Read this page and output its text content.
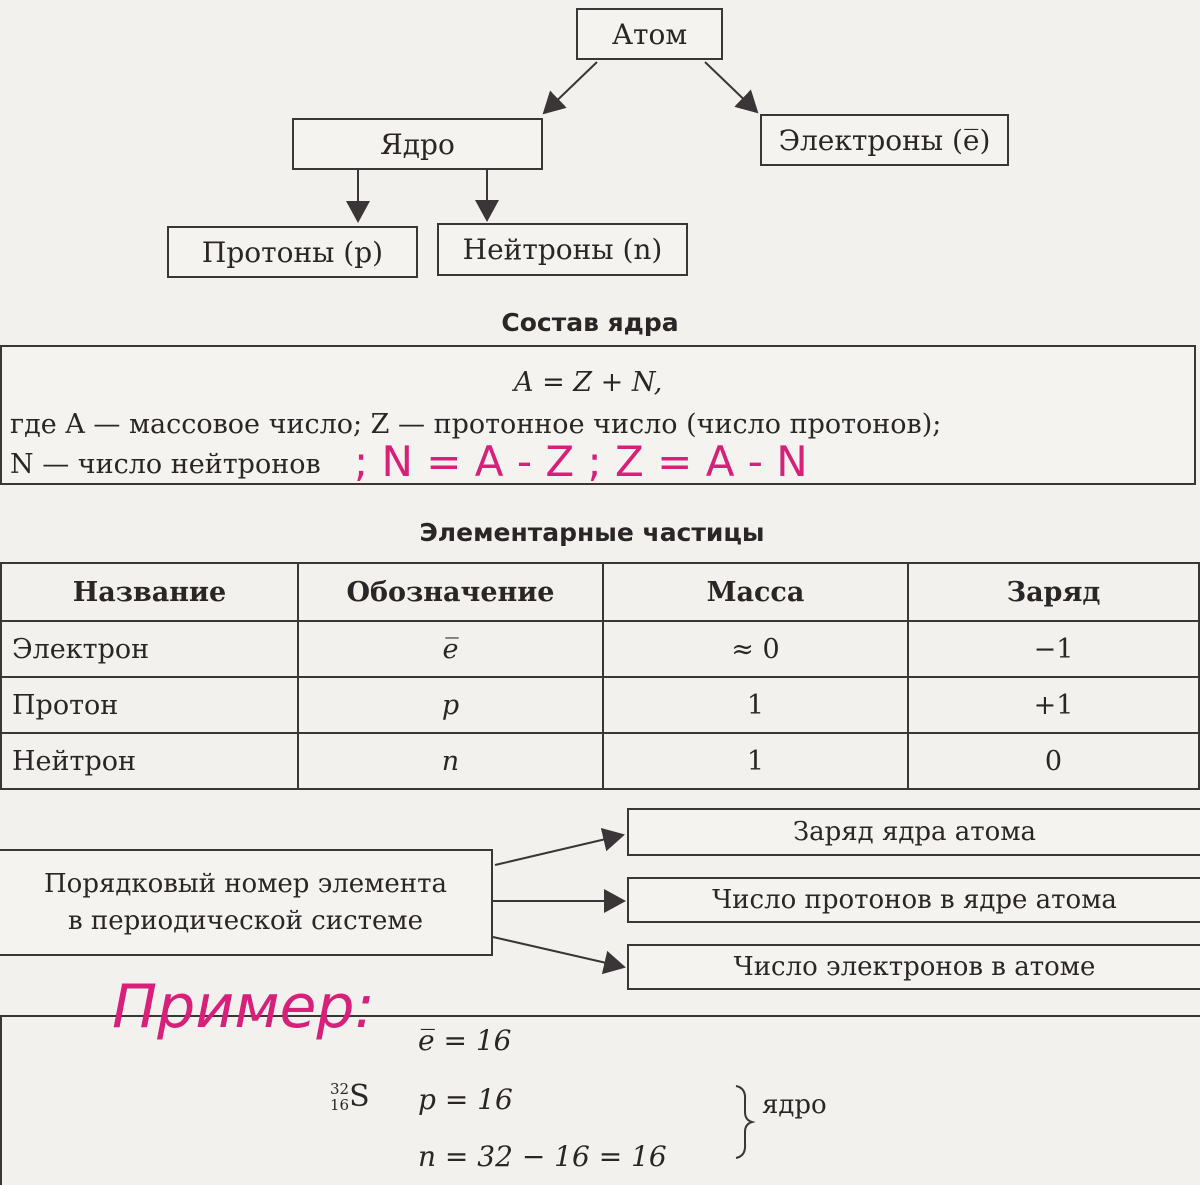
Атом
Ядро	Электроны (e̅)
Протоны (p)	Нейтроны (n)
Состав ядра
A = Z + N,
где A — массовое число; Z — протонное число (число протонов);
N — число нейтронов ; N = A - Z ; Z = A - N
Элементарные частицы
Название	Обозначение	Масса	Заряд
Электрон	e̅	≈ 0	−1
Протон	p	1	+1
Нейтрон	n	1	0
Порядковый номер элемента
в периодической системе
Заряд ядра атома
Число протонов в ядре атома
Число электронов в атоме
Пример: e̅ = 16
32
16 S p = 16
n = 32 − 16 = 16
ядро
